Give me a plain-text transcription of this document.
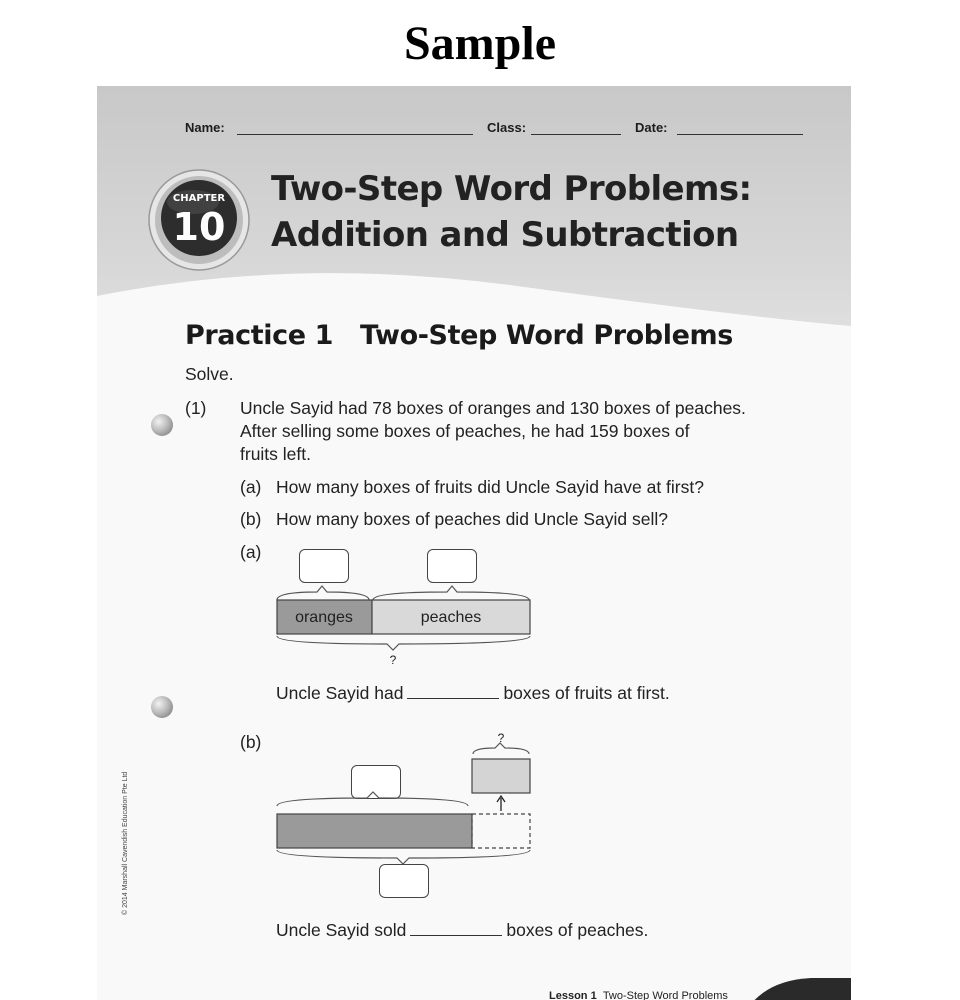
Sample
Name:	Class:	Date:
CHAPTER
10
Two-Step Word Problems:
Addition and Subtraction
Practice 1   Two-Step Word Problems
Solve.
(1) Uncle Sayid had 78 boxes of oranges and 130 boxes of peaches.
After selling some boxes of peaches, he had 159 boxes of
fruits left.
(a) How many boxes of fruits did Uncle Sayid have at first?
(b) How many boxes of peaches did Uncle Sayid sell?
(a)
oranges	peaches
?
Uncle Sayid had	boxes of fruits at first.
(b)	?
Uncle Sayid sold	boxes of peaches.
Lesson 1 Two-Step Word Problems
© 2014 Marshall Cavendish Education Pte Ltd
